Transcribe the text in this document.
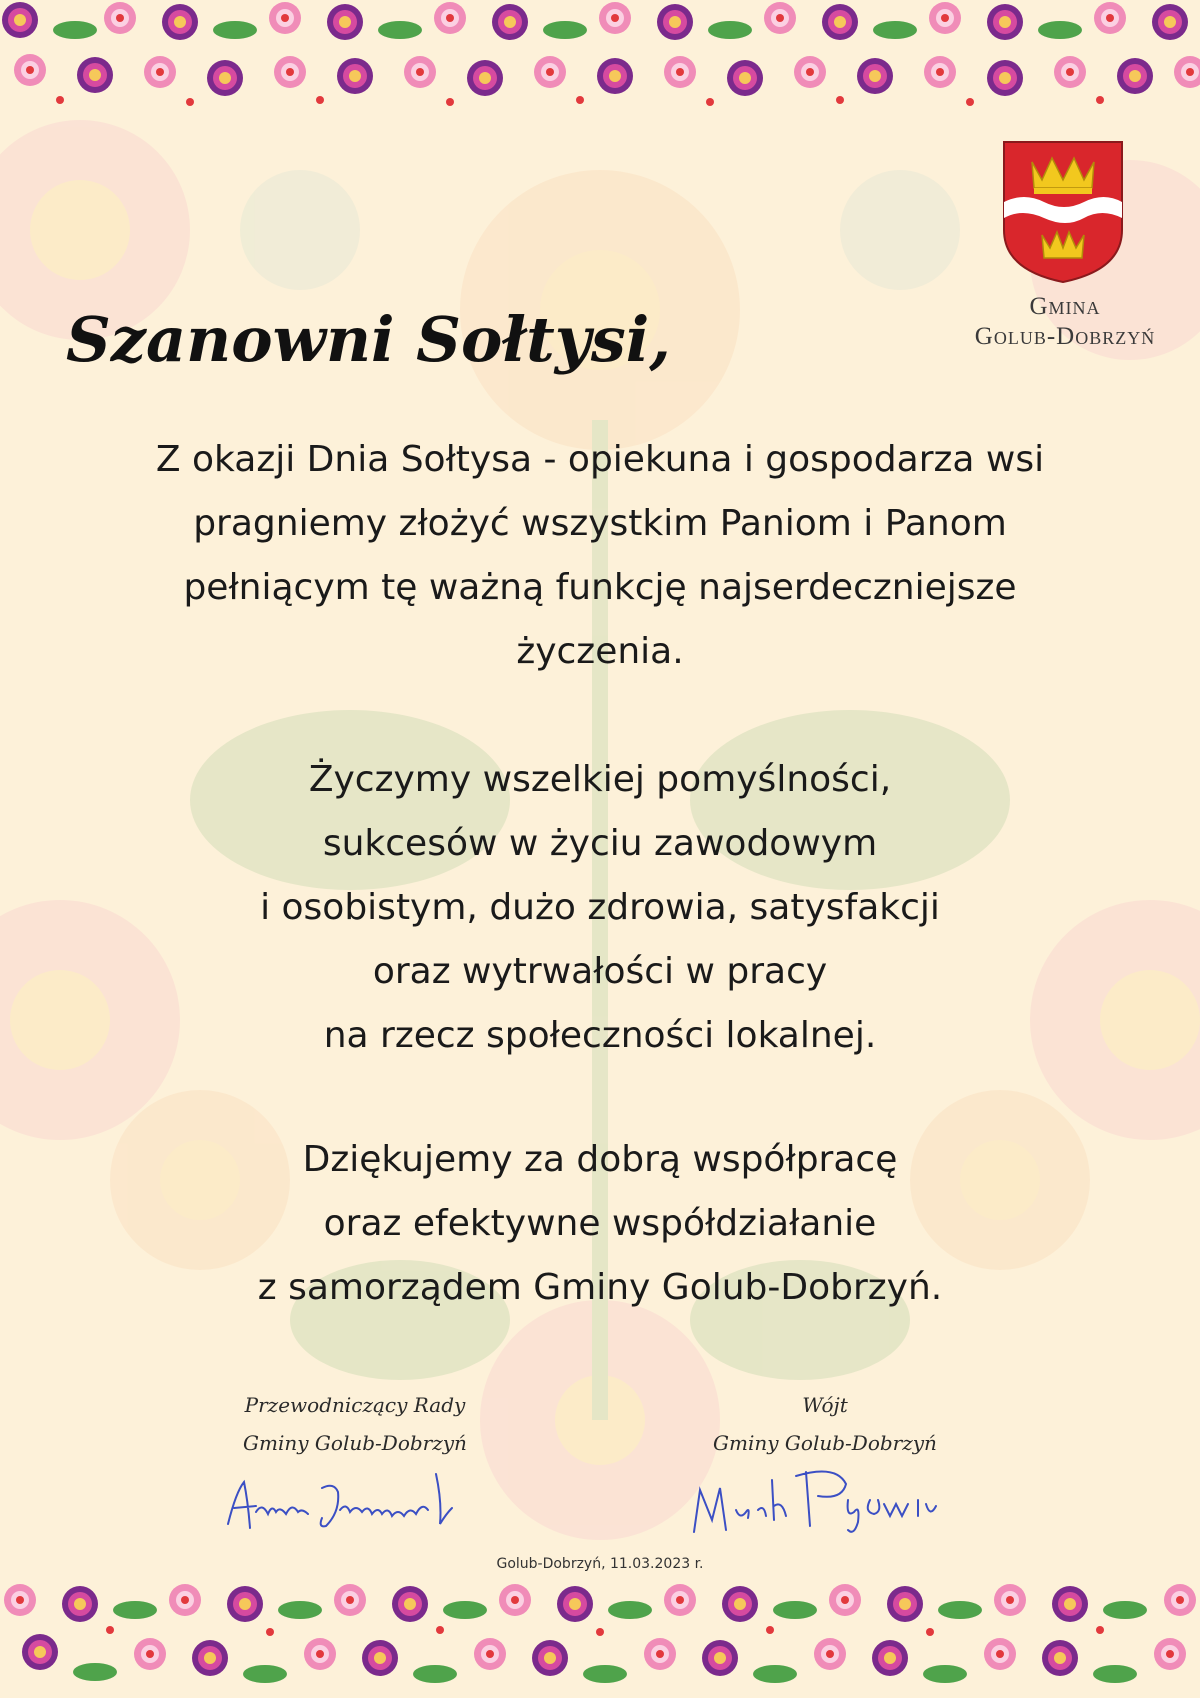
Gmina
Golub-Dobrzyń
Szanowni Sołtysi,
Z okazji Dnia Sołtysa - opiekuna i gospodarza wsi
pragniemy złożyć wszystkim Paniom i Panom
pełniącym tę ważną funkcję najserdeczniejsze
życzenia.
Życzymy wszelkiej pomyślności,
sukcesów w życiu zawodowym
i osobistym, dużo zdrowia, satysfakcji
oraz wytrwałości w pracy
na rzecz społeczności lokalnej.
Dziękujemy za dobrą współpracę
oraz efektywne współdziałanie
z samorządem Gminy Golub-Dobrzyń.
Przewodniczący Rady
Gminy Golub-Dobrzyń
Wójt
Gminy Golub-Dobrzyń
Golub-Dobrzyń, 11.03.2023 r.
